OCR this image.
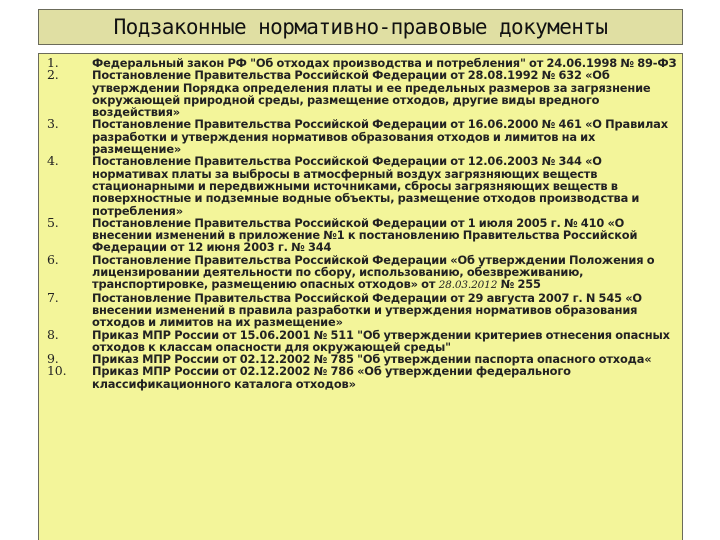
Подзаконные нормативно-правовые документы
1.	Федеральный закон РФ "Об отходах производства и потребления" от 24.06.1998 № 89-ФЗ
2.	Постановление Правительства Российской Федерации от 28.08.1992 № 632 «Об утверждении Порядка определения платы и ее предельных размеров за загрязнение окружающей природной среды, размещение отходов, другие виды вредного воздействия»
3.	Постановление Правительства Российской Федерации от 16.06.2000 № 461 «О Правилах разработки и утверждения нормативов образования отходов и лимитов на их размещение»
4.	Постановление Правительства Российской Федерации от 12.06.2003 № 344 «О нормативах платы за выбросы в атмосферный воздух загрязняющих веществ стационарными и передвижными источниками, сбросы загрязняющих веществ в поверхностные и подземные водные объекты, размещение отходов производства и потребления»
5.	Постановление Правительства Российской Федерации от 1 июля 2005 г. № 410 «О внесении изменений в приложение №1 к постановлению Правительства Российской Федерации от 12 июня 2003 г. № 344
6.	Постановление Правительства Российской Федерации «Об утверждении Положения о лицензировании деятельности по сбору, использованию, обезвреживанию, транспортировке, размещению опасных отходов» от 28.03.2012 № 255
7.	Постановление Правительства Российской Федерации от 29 августа 2007 г. N 545 «О внесении изменений в правила разработки и утверждения нормативов образования отходов и лимитов на их размещение»
8.	Приказ МПР России от 15.06.2001 № 511 "Об утверждении критериев отнесения опасных отходов к классам опасности для окружающей среды"
9.	Приказ МПР России от 02.12.2002 № 785 "Об утверждении паспорта опасного отхода«
10. Приказ МПР России от 02.12.2002 № 786 «Об утверждении федерального классификационного каталога отходов»
